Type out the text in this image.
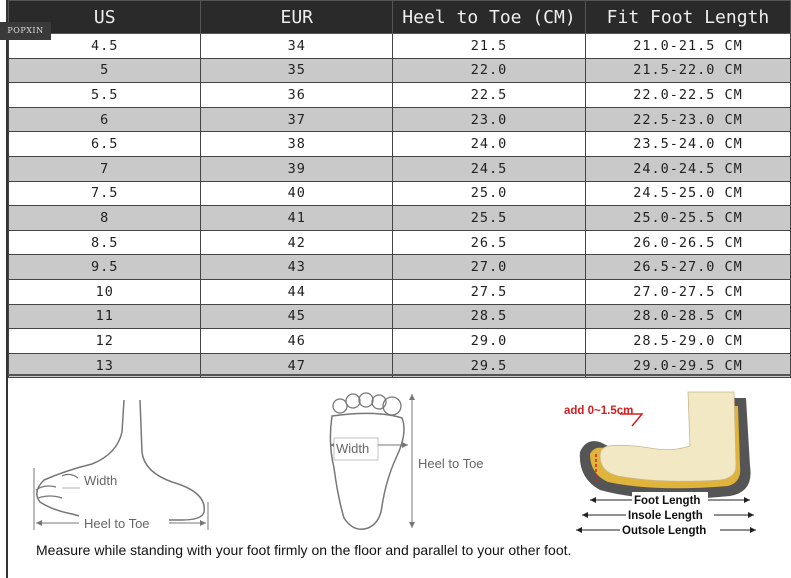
US	EUR	Heel to Toe (CM)	Fit Foot Length
4.5	34	21.5	21.0-21.5 CM
5	35	22.0	21.5-22.0 CM
5.5	36	22.5	22.0-22.5 CM
6	37	23.0	22.5-23.0 CM
6.5	38	24.0	23.5-24.0 CM
7	39	24.5	24.0-24.5 CM
7.5	40	25.0	24.5-25.0 CM
8	41	25.5	25.0-25.5 CM
8.5	42	26.5	26.0-26.5 CM
9.5	43	27.0	26.5-27.0 CM
10	44	27.5	27.0-27.5 CM
11	45	28.5	28.0-28.5 CM
12	46	29.0	28.5-29.0 CM
13	47	29.5	29.0-29.5 CM
POPXIN
Heel to Toe
Width
Width
Heel to Toe
add 0~1.5cm
Foot Length
Insole Length
Outsole Length
Measure while standing with your foot firmly on the floor and parallel to your other foot.
